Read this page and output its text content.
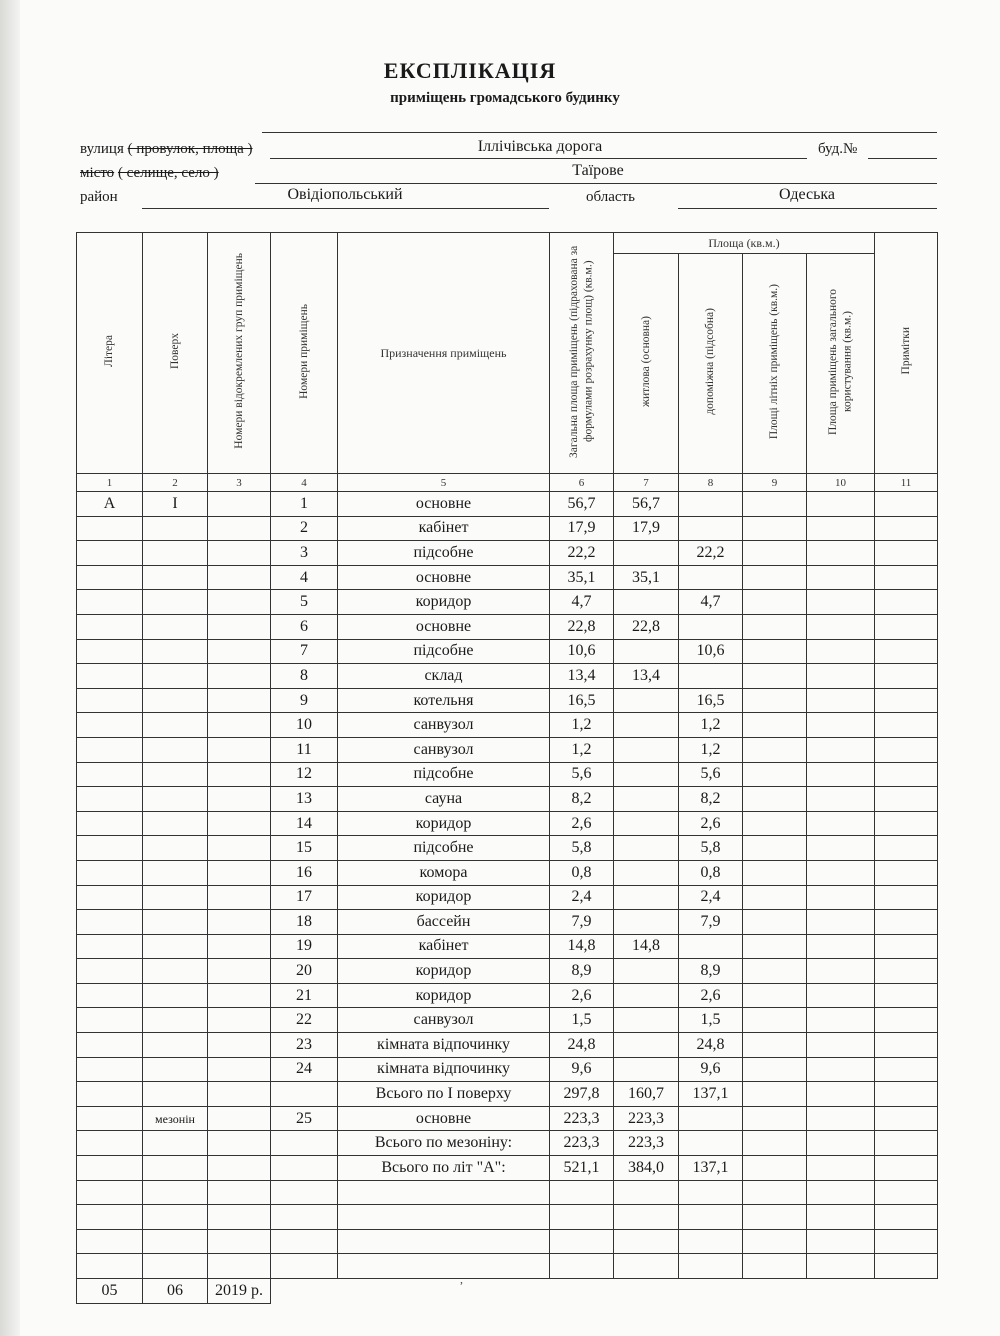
ЕКСПЛІКАЦІЯ
приміщень громадського будинку
вулиця ( провулок, площа )	Іллічівська дорога	буд.№
місто ( селище, село )	Таїрове
район	Овідіопольський	область	Одеська
Літера	Поверх	Номери відокремлених груп приміщень	Номери приміщень	Призначення приміщень	Загальна площа приміщень (підрахована за формулами розрахунку площ) (кв.м.)	Площа (кв.м.)				Примітки
						житлова (основна)	допоміжна (підсобна)	Площі літніх приміщень (кв.м.)	Площа приміщень загального користування (кв.м.)	
1	2	3	4	5	6	7	8	9	10	11
А	I		1	основне	56,7	56,7				
			2	кабінет	17,9	17,9				
			3	підсобне	22,2		22,2			
			4	основне	35,1	35,1				
			5	коридор	4,7		4,7			
			6	основне	22,8	22,8				
			7	підсобне	10,6		10,6			
			8	склад	13,4	13,4				
			9	котельня	16,5		16,5			
			10	санвузол	1,2		1,2			
			11	санвузол	1,2		1,2			
			12	підсобне	5,6		5,6			
			13	сауна	8,2		8,2			
			14	коридор	2,6		2,6			
			15	підсобне	5,8		5,8			
			16	комора	0,8		0,8			
			17	коридор	2,4		2,4			
			18	бассейн	7,9		7,9			
			19	кабінет	14,8	14,8				
			20	коридор	8,9		8,9			
			21	коридор	2,6		2,6			
			22	санвузол	1,5		1,5			
			23	кімната відпочинку	24,8		24,8			
			24	кімната відпочинку	9,6		9,6			
				Всього по І поверху	297,8	160,7	137,1			
	мезонін		25	основне	223,3	223,3				
				Всього по мезоніну:	223,3	223,3				
				Всього по літ "А":	521,1	384,0	137,1			

05	06	2019 р.								
,
